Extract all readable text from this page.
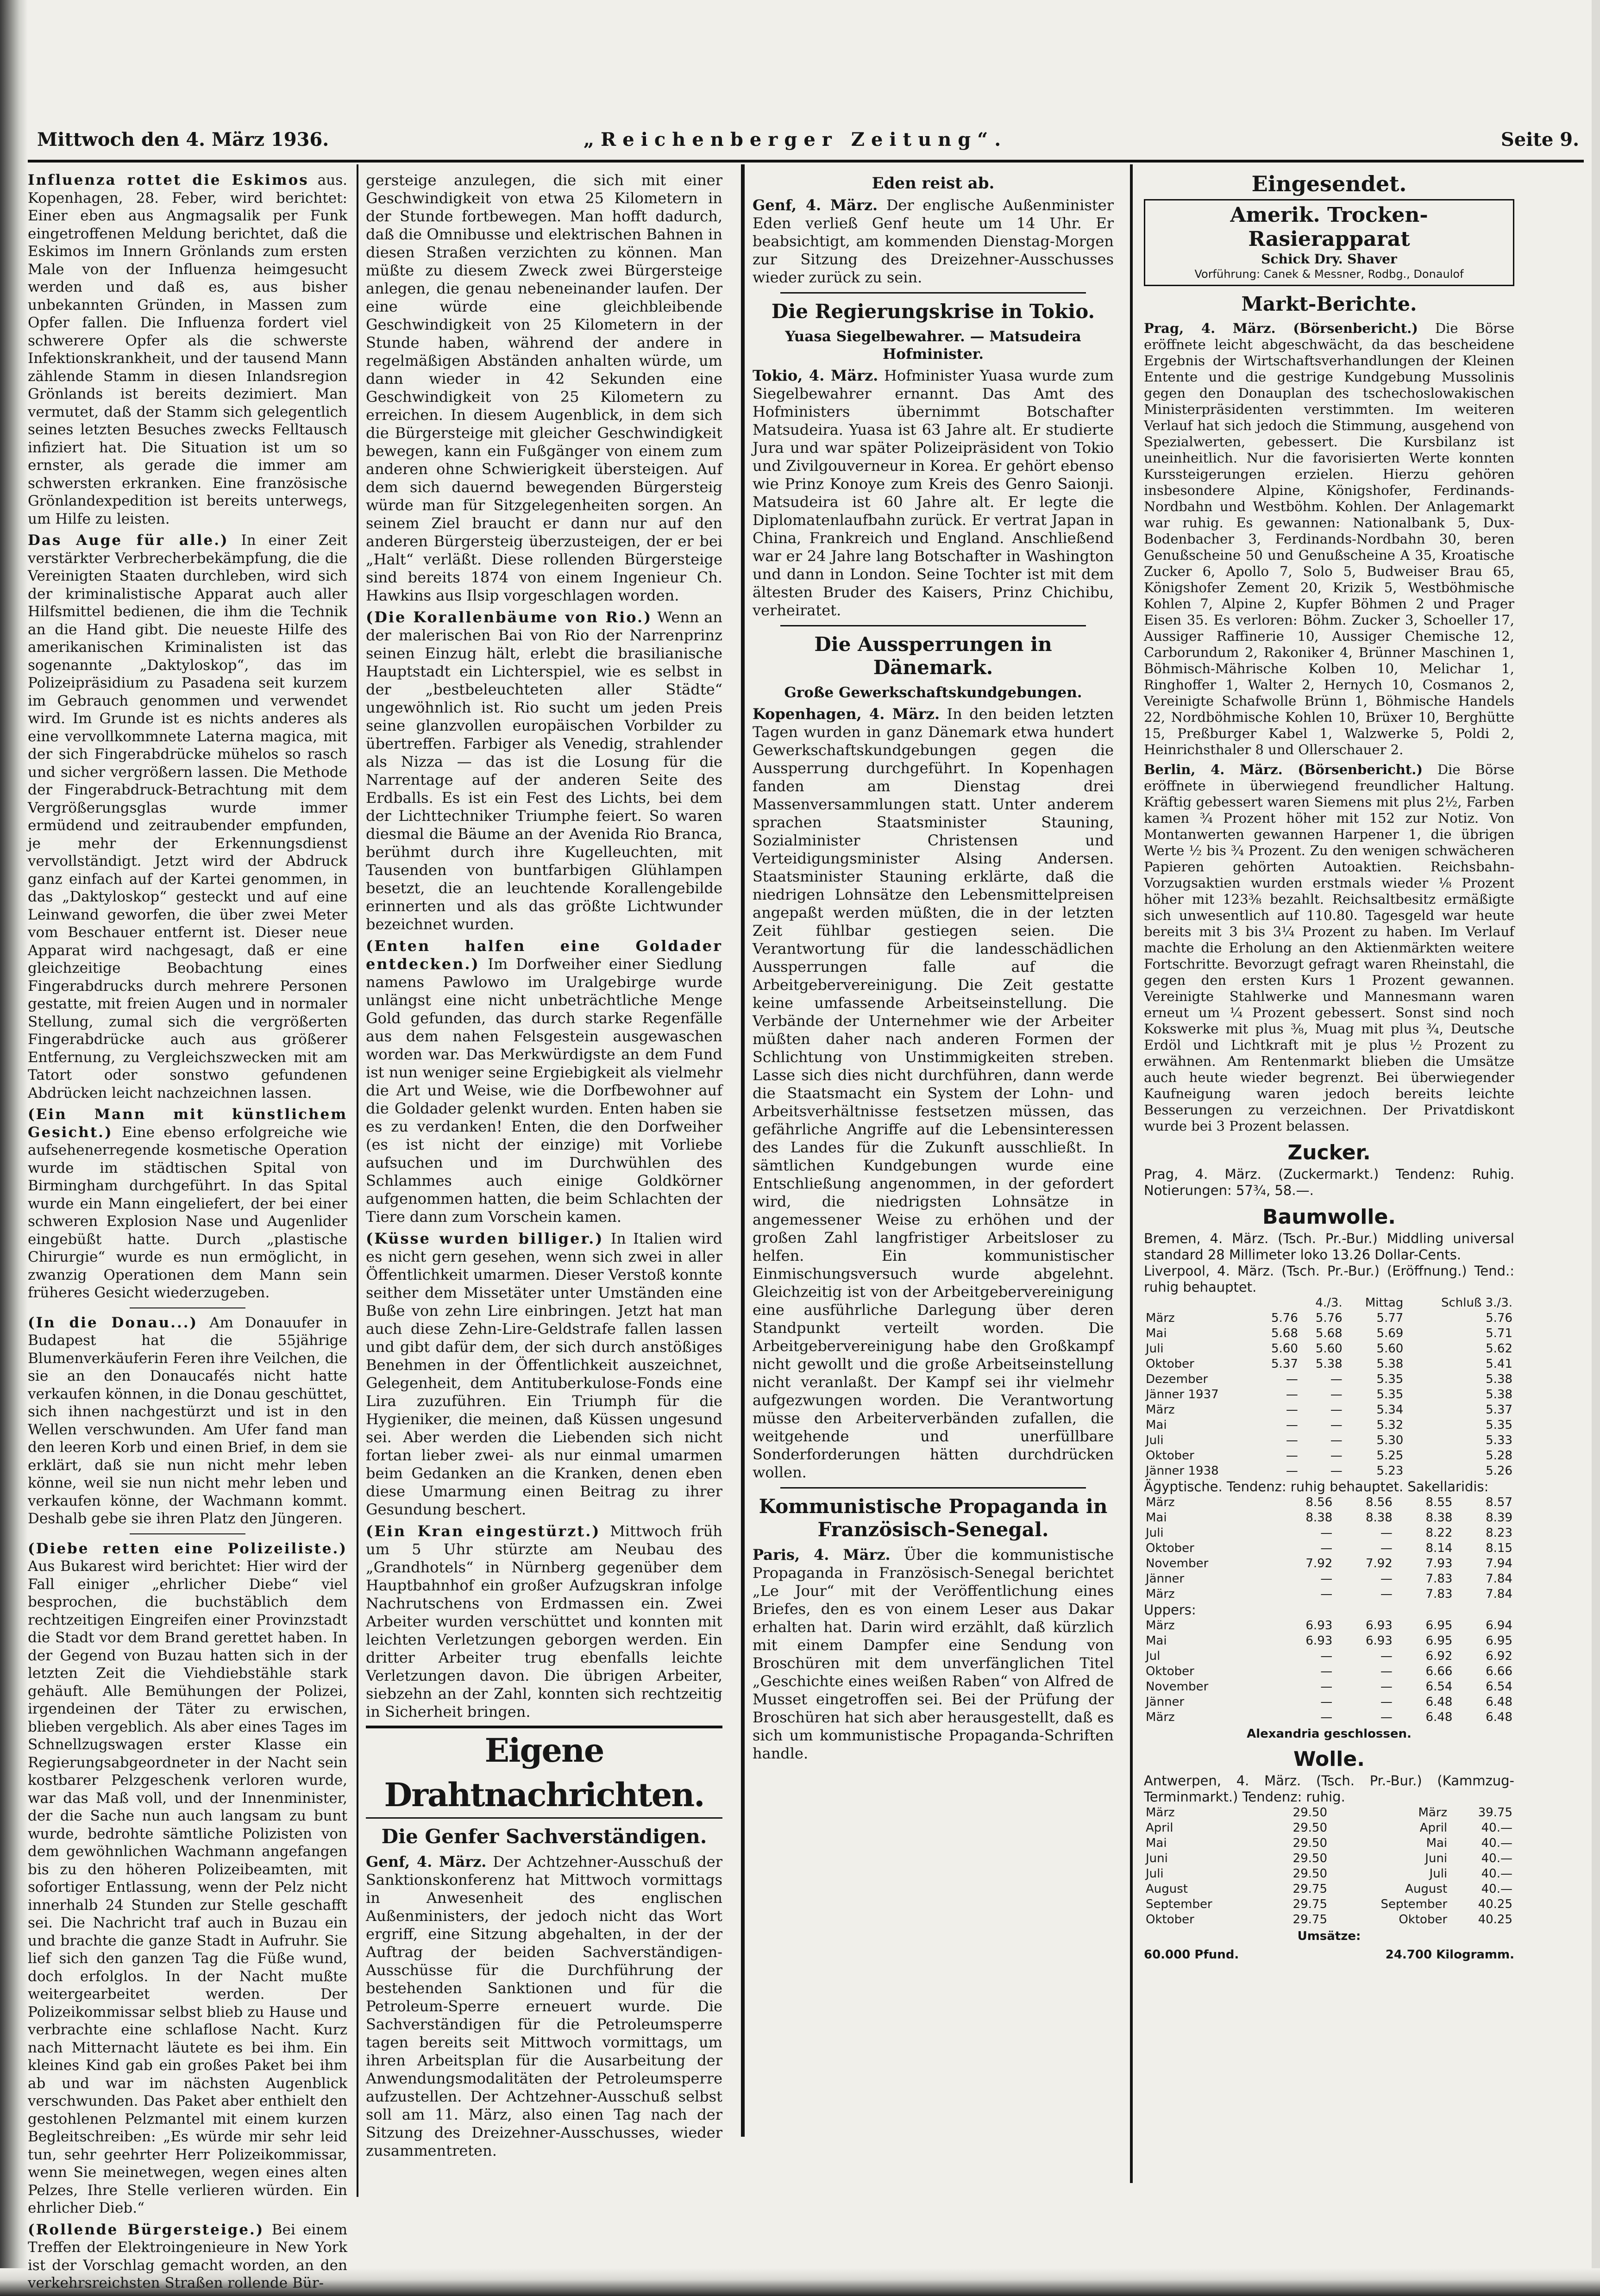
Mittwoch den 4. März 1936.	„Reichenberger Zeitung“.	Seite 9.

Influenza rottet die Eskimos aus. Kopenhagen, 28. Feber, wird berichtet: Einer eben aus Angmagsalik per Funk eingetroffenen Meldung berichtet, daß die Eskimos im Innern Grönlands zum ersten Male von der Influenza heimgesucht werden und daß es, aus bisher unbekannten Gründen, in Massen zum Opfer fallen. Die Influenza fordert viel schwerere Opfer als die schwerste Infektionskrankheit, und der tausend Mann zählende Stamm in diesen Inlandsregion Grönlands ist bereits dezimiert. Man vermutet, daß der Stamm sich gelegentlich seines letzten Besuches zwecks Felltausch infiziert hat. Die Situation ist um so ernster, als gerade die immer am schwersten erkranken. Eine französische Grönlandexpedition ist bereits unterwegs, um Hilfe zu leisten.

Das Auge für alle.) In einer Zeit verstärkter Verbrecherbekämpfung, die die Vereinigten Staaten durchleben, wird sich der kriminalistische Apparat auch aller Hilfsmittel bedienen, die ihm die Technik an die Hand gibt. Die neueste Hilfe des amerikanischen Kriminalisten ist das sogenannte „Daktyloskop“, das im Polizeipräsidium zu Pasadena seit kurzem im Gebrauch genommen und verwendet wird. Im Grunde ist es nichts anderes als eine vervollkommnete Laterna magica, mit der sich Fingerabdrücke mühelos so rasch und sicher vergrößern lassen. Die Methode der Fingerabdruck-Betrachtung mit dem Vergrößerungsglas wurde immer ermüdend und zeitraubender empfunden, je mehr der Erkennungsdienst vervollständigt. Jetzt wird der Abdruck ganz einfach auf der Kartei genommen, in das „Daktyloskop“ gesteckt und auf eine Leinwand geworfen, die über zwei Meter vom Beschauer entfernt ist. Dieser neue Apparat wird nachgesagt, daß er eine gleichzeitige Beobachtung eines Fingerabdrucks durch mehrere Personen gestatte, mit freien Augen und in normaler Stellung, zumal sich die vergrößerten Fingerabdrücke auch aus größerer Entfernung, zu Vergleichszwecken mit am Tatort oder sonstwo gefundenen Abdrücken leicht nachzeichnen lassen.

(Ein Mann mit künstlichem Gesicht.) Eine ebenso erfolgreiche wie aufsehenerregende kosmetische Operation wurde im städtischen Spital von Birmingham durchgeführt. In das Spital wurde ein Mann eingeliefert, der bei einer schweren Explosion Nase und Augenlider eingebüßt hatte. Durch „plastische Chirurgie“ wurde es nun ermöglicht, in zwanzig Operationen dem Mann sein früheres Gesicht wiederzugeben.

(In die Donau...) Am Donauufer in Budapest hat die 55jährige Blumenverkäuferin Feren ihre Veilchen, die sie an den Donaucafés nicht hatte verkaufen können, in die Donau geschüttet, sich ihnen nachgestürzt und ist in den Wellen verschwunden. Am Ufer fand man den leeren Korb und einen Brief, in dem sie erklärt, daß sie nun nicht mehr leben könne, weil sie nun nicht mehr leben und verkaufen könne, der Wachmann kommt. Deshalb gebe sie ihren Platz den Jüngeren.

(Diebe retten eine Polizeiliste.) Aus Bukarest wird berichtet: Hier wird der Fall einiger „ehrlicher Diebe“ viel besprochen, die buchstäblich dem rechtzeitigen Eingreifen einer Provinzstadt die Stadt vor dem Brand gerettet haben. In der Gegend von Buzau hatten sich in der letzten Zeit die Viehdiebstähle stark gehäuft. Alle Bemühungen der Polizei, irgendeinen der Täter zu erwischen, blieben vergeblich. Als aber eines Tages im Schnellzugswagen erster Klasse ein Regierungsabgeordneter in der Nacht sein kostbarer Pelzgeschenk verloren wurde, war das Maß voll, und der Innenminister, der die Sache nun auch langsam zu bunt wurde, bedrohte sämtliche Polizisten von dem gewöhnlichen Wachmann angefangen bis zu den höheren Polizeibeamten, mit sofortiger Entlassung, wenn der Pelz nicht innerhalb 24 Stunden zur Stelle geschafft sei. Die Nachricht traf auch in Buzau ein und brachte die ganze Stadt in Aufruhr. Sie lief sich den ganzen Tag die Füße wund, doch erfolglos. In der Nacht mußte weitergearbeitet werden. Der Polizeikommissar selbst blieb zu Hause und verbrachte eine schlaflose Nacht. Kurz nach Mitternacht läutete es bei ihm. Ein kleines Kind gab ein großes Paket bei ihm ab und war im nächsten Augenblick verschwunden. Das Paket aber enthielt den gestohlenen Pelzmantel mit einem kurzen Begleitschreiben: „Es würde mir sehr leid tun, sehr geehrter Herr Polizeikommissar, wenn Sie meinetwegen, wegen eines alten Pelzes, Ihre Stelle verlieren würden. Ein ehrlicher Dieb.“

(Rollende Bürgersteige.) Bei einem Treffen der Elektroingenieure in New York ist der Vorschlag gemacht worden, an den verkehrsreichsten Straßen rollende Bür-

gersteige anzulegen, die sich mit einer Geschwindigkeit von etwa 25 Kilometern in der Stunde fortbewegen. Man hofft dadurch, daß die Omnibusse und elektrischen Bahnen in diesen Straßen verzichten zu können. Man müßte zu diesem Zweck zwei Bürgersteige anlegen, die genau nebeneinander laufen. Der eine würde eine gleichbleibende Geschwindigkeit von 25 Kilometern in der Stunde haben, während der andere in regelmäßigen Abständen anhalten würde, um dann wieder in 42 Sekunden eine Geschwindigkeit von 25 Kilometern zu erreichen. In diesem Augenblick, in dem sich die Bürgersteige mit gleicher Geschwindigkeit bewegen, kann ein Fußgänger von einem zum anderen ohne Schwierigkeit übersteigen. Auf dem sich dauernd bewegenden Bürgersteig würde man für Sitzgelegenheiten sorgen. An seinem Ziel braucht er dann nur auf den anderen Bürgersteig überzusteigen, der er bei „Halt“ verläßt. Diese rollenden Bürgersteige sind bereits 1874 von einem Ingenieur Ch. Hawkins aus Ilsip vorgeschlagen worden.

(Die Korallenbäume von Rio.) Wenn an der malerischen Bai von Rio der Narrenprinz seinen Einzug hält, erlebt die brasilianische Hauptstadt ein Lichterspiel, wie es selbst in der „bestbeleuchteten aller Städte“ ungewöhnlich ist. Rio sucht um jeden Preis seine glanzvollen europäischen Vorbilder zu übertreffen. Farbiger als Venedig, strahlender als Nizza — das ist die Losung für die Narrentage auf der anderen Seite des Erdballs. Es ist ein Fest des Lichts, bei dem der Lichttechniker Triumphe feiert. So waren diesmal die Bäume an der Avenida Rio Branca, berühmt durch ihre Kugelleuchten, mit Tausenden von buntfarbigen Glühlampen besetzt, die an leuchtende Korallengebilde erinnerten und als das größte Lichtwunder bezeichnet wurden.

(Enten halfen eine Goldader entdecken.) Im Dorfweiher einer Siedlung namens Pawlowo im Uralgebirge wurde unlängst eine nicht unbeträchtliche Menge Gold gefunden, das durch starke Regenfälle aus dem nahen Felsgestein ausgewaschen worden war. Das Merkwürdigste an dem Fund ist nun weniger seine Ergiebigkeit als vielmehr die Art und Weise, wie die Dorfbewohner auf die Goldader gelenkt wurden. Enten haben sie es zu verdanken! Enten, die den Dorfweiher (es ist nicht der einzige) mit Vorliebe aufsuchen und im Durchwühlen des Schlammes auch einige Goldkörner aufgenommen hatten, die beim Schlachten der Tiere dann zum Vorschein kamen.

(Küsse wurden billiger.) In Italien wird es nicht gern gesehen, wenn sich zwei in aller Öffentlichkeit umarmen. Dieser Verstoß konnte seither dem Missetäter unter Umständen eine Buße von zehn Lire einbringen. Jetzt hat man auch diese Zehn-Lire-Geldstrafe fallen lassen und gibt dafür dem, der sich durch anstößiges Benehmen in der Öffentlichkeit auszeichnet, Gelegenheit, dem Antituberkulose-Fonds eine Lira zuzuführen. Ein Triumph für die Hygieniker, die meinen, daß Küssen ungesund sei. Aber werden die Liebenden sich nicht fortan lieber zwei- als nur einmal umarmen beim Gedanken an die Kranken, denen eben diese Umarmung einen Beitrag zu ihrer Gesundung beschert.

(Ein Kran eingestürzt.) Mittwoch früh um 5 Uhr stürzte am Neubau des „Grandhotels“ in Nürnberg gegenüber dem Hauptbahnhof ein großer Aufzugskran infolge Nachrutschens von Erdmassen ein. Zwei Arbeiter wurden verschüttet und konnten mit leichten Verletzungen geborgen werden. Ein dritter Arbeiter trug ebenfalls leichte Verletzungen davon. Die übrigen Arbeiter, siebzehn an der Zahl, konnten sich rechtzeitig in Sicherheit bringen.

Eigene Drahtnachrichten.
Die Genfer Sachverständigen.

Genf, 4. März. Der Achtzehner-Ausschuß der Sanktionskonferenz hat Mittwoch vormittags in Anwesenheit des englischen Außenministers, der jedoch nicht das Wort ergriff, eine Sitzung abgehalten, in der der Auftrag der beiden Sachverständigen-Ausschüsse für die Durchführung der bestehenden Sanktionen und für die Petroleum-Sperre erneuert wurde. Die Sachverständigen für die Petroleumsperre tagen bereits seit Mittwoch vormittags, um ihren Arbeitsplan für die Ausarbeitung der Anwendungsmodalitäten der Petroleumsperre aufzustellen. Der Achtzehner-Ausschuß selbst soll am 11. März, also einen Tag nach der Sitzung des Dreizehner-Ausschusses, wieder zusammentreten.

Eden reist ab.

Genf, 4. März. Der englische Außenminister Eden verließ Genf heute um 14 Uhr. Er beabsichtigt, am kommenden Dienstag-Morgen zur Sitzung des Dreizehner-Ausschusses wieder zurück zu sein.

Die Regierungskrise in Tokio.
Yuasa Siegelbewahrer. — Matsudeira Hofminister.

Tokio, 4. März. Hofminister Yuasa wurde zum Siegelbewahrer ernannt. Das Amt des Hofministers übernimmt Botschafter Matsudeira. Yuasa ist 63 Jahre alt. Er studierte Jura und war später Polizeipräsident von Tokio und Zivilgouverneur in Korea. Er gehört ebenso wie Prinz Konoye zum Kreis des Genro Saionji. Matsudeira ist 60 Jahre alt. Er legte die Diplomatenlaufbahn zurück. Er vertrat Japan in China, Frankreich und England. Anschließend war er 24 Jahre lang Botschafter in Washington und dann in London. Seine Tochter ist mit dem ältesten Bruder des Kaisers, Prinz Chichibu, verheiratet.

Die Aussperrungen in Dänemark.
Große Gewerkschaftskundgebungen.

Kopenhagen, 4. März. In den beiden letzten Tagen wurden in ganz Dänemark etwa hundert Gewerkschaftskundgebungen gegen die Aussperrung durchgeführt. In Kopenhagen fanden am Dienstag drei Massenversammlungen statt. Unter anderem sprachen Staatsminister Stauning, Sozialminister Christensen und Verteidigungsminister Alsing Andersen. Staatsminister Stauning erklärte, daß die niedrigen Lohnsätze den Lebensmittelpreisen angepaßt werden müßten, die in der letzten Zeit fühlbar gestiegen seien. Die Verantwortung für die landesschädlichen Aussperrungen falle auf die Arbeitgebervereinigung. Die Zeit gestatte keine umfassende Arbeitseinstellung. Die Verbände der Unternehmer wie der Arbeiter müßten daher nach anderen Formen der Schlichtung von Unstimmigkeiten streben. Lasse sich dies nicht durchführen, dann werde die Staatsmacht ein System der Lohn- und Arbeitsverhältnisse festsetzen müssen, das gefährliche Angriffe auf die Lebensinteressen des Landes für die Zukunft ausschließt. In sämtlichen Kundgebungen wurde eine Entschließung angenommen, in der gefordert wird, die niedrigsten Lohnsätze in angemessener Weise zu erhöhen und der großen Zahl langfristiger Arbeitsloser zu helfen. Ein kommunistischer Einmischungsversuch wurde abgelehnt. Gleichzeitig ist von der Arbeitgebervereinigung eine ausführliche Darlegung über deren Standpunkt verteilt worden. Die Arbeitgebervereinigung habe den Großkampf nicht gewollt und die große Arbeitseinstellung nicht veranlaßt. Der Kampf sei ihr vielmehr aufgezwungen worden. Die Verantwortung müsse den Arbeiterverbänden zufallen, die weitgehende und unerfüllbare Sonderforderungen hätten durchdrücken wollen.

Kommunistische Propaganda in Französisch-Senegal.

Paris, 4. März. Über die kommunistische Propaganda in Französisch-Senegal berichtet „Le Jour“ mit der Veröffentlichung eines Briefes, den es von einem Leser aus Dakar erhalten hat. Darin wird erzählt, daß kürzlich mit einem Dampfer eine Sendung von Broschüren mit dem unverfänglichen Titel „Geschichte eines weißen Raben“ von Alfred de Musset eingetroffen sei. Bei der Prüfung der Broschüren hat sich aber herausgestellt, daß es sich um kommunistische Propaganda-Schriften handle.

Eingesendet.
Amerik. Trocken-Rasierapparat
Schick Dry. Shaver
Vorführung: Canek & Messner, Rodbg., Donaulof
Markt-Berichte.

Prag, 4. März. (Börsenbericht.) Die Börse eröffnete leicht abgeschwächt, da das bescheidene Ergebnis der Wirtschaftsverhandlungen der Kleinen Entente und die gestrige Kundgebung Mussolinis gegen den Donauplan des tschechoslowakischen Ministerpräsidenten verstimmten. Im weiteren Verlauf hat sich jedoch die Stimmung, ausgehend von Spezialwerten, gebessert. Die Kursbilanz ist uneinheitlich. Nur die favorisierten Werte konnten Kurssteigerungen erzielen. Hierzu gehören insbesondere Alpine, Königshofer, Ferdinands-Nordbahn und Westböhm. Kohlen. Der Anlagemarkt war ruhig. Es gewannen: Nationalbank 5, Dux-Bodenbacher 3, Ferdinands-Nordbahn 30, beren Genußscheine 50 und Genußscheine A 35, Kroatische Zucker 6, Apollo 7, Solo 5, Budweiser Brau 65, Königshofer Zement 20, Krizik 5, Westböhmische Kohlen 7, Alpine 2, Kupfer Böhmen 2 und Prager Eisen 35. Es verloren: Böhm. Zucker 3, Schoeller 17, Aussiger Raffinerie 10, Aussiger Chemische 12, Carborundum 2, Rakoniker 4, Brünner Maschinen 1, Böhmisch-Mährische Kolben 10, Melichar 1, Ringhoffer 1, Walter 2, Hernych 10, Cosmanos 2, Vereinigte Schafwolle Brünn 1, Böhmische Handels 22, Nordböhmische Kohlen 10, Brüxer 10, Berghütte 15, Preßburger Kabel 1, Walzwerke 5, Poldi 2, Heinrichsthaler 8 und Ollerschauer 2.

Berlin, 4. März. (Börsenbericht.) Die Börse eröffnete in überwiegend freundlicher Haltung. Kräftig gebessert waren Siemens mit plus 2½, Farben kamen ¾ Prozent höher mit 152 zur Notiz. Von Montanwerten gewannen Harpener 1, die übrigen Werte ½ bis ¾ Prozent. Zu den wenigen schwächeren Papieren gehörten Autoaktien. Reichsbahn-Vorzugsaktien wurden erstmals wieder ⅛ Prozent höher mit 123⅜ bezahlt. Reichsaltbesitz ermäßigte sich unwesentlich auf 110.80. Tagesgeld war heute bereits mit 3 bis 3¼ Prozent zu haben. Im Verlauf machte die Erholung an den Aktienmärkten weitere Fortschritte. Bevorzugt gefragt waren Rheinstahl, die gegen den ersten Kurs 1 Prozent gewannen. Vereinigte Stahlwerke und Mannesmann waren erneut um ¼ Prozent gebessert. Sonst sind noch Kokswerke mit plus ⅜, Muag mit plus ¾, Deutsche Erdöl und Lichtkraft mit je plus ½ Prozent zu erwähnen. Am Rentenmarkt blieben die Umsätze auch heute wieder begrenzt. Bei überwiegender Kaufneigung waren jedoch bereits leichte Besserungen zu verzeichnen. Der Privatdiskont wurde bei 3 Prozent belassen.

Zucker.

Prag, 4. März. (Zuckermarkt.) Tendenz: Ruhig. Notierungen: 57¾, 58.—.

Baumwolle.

Bremen, 4. März. (Tsch. Pr.-Bur.) Middling universal standard 28 Millimeter loko 13.26 Dollar-Cents.

Liverpool, 4. März. (Tsch. Pr.-Bur.) (Eröffnung.) Tend.: ruhig behauptet.

	4./3.		Mittag	Schluß 3./3.
März	5.76	5.76	5.77	5.76
Mai	5.68	5.68	5.69	5.71
Juli	5.60	5.60	5.60	5.62
Oktober	5.37	5.38	5.38	5.41
Dezember	—	—	5.35	5.38
Jänner 1937	—	—	5.35	5.38
März	—	—	5.34	5.37
Mai	—	—	5.32	5.35
Juli	—	—	5.30	5.33
Oktober	—	—	5.25	5.28
Jänner 1938	—	—	5.23	5.26

Ägyptische. Tendenz: ruhig behauptet. Sakellaridis:

März	8.56	8.56	8.55	8.57
Mai	8.38	8.38	8.38	8.39
Juli	—	—	8.22	8.23
Oktober	—	—	8.14	8.15
November	7.92	7.92	7.93	7.94
Jänner	—	—	7.83	7.84
März	—	—	7.83	7.84

Uppers:

März	6.93	6.93	6.95	6.94
Mai	6.93	6.93	6.95	6.95
Jul	—	—	6.92	6.92
Oktober	—	—	6.66	6.66
November	—	—	6.54	6.54
Jänner	—	—	6.48	6.48
März	—	—	6.48	6.48
Alexandria geschlossen.
Wolle.

Antwerpen, 4. März. (Tsch. Pr.-Bur.) (Kammzug-Terminmarkt.) Tendenz: ruhig.

März	29.50	März	39.75
April	29.50	April	40.—
Mai	29.50	Mai	40.—
Juni	29.50	Juni	40.—
Juli	29.50	Juli	40.—
August	29.75	August	40.—
September	29.75	September	40.25
Oktober	29.75	Oktober	40.25
Umsätze:
60.000 Pfund.	24.700 Kilogramm.
